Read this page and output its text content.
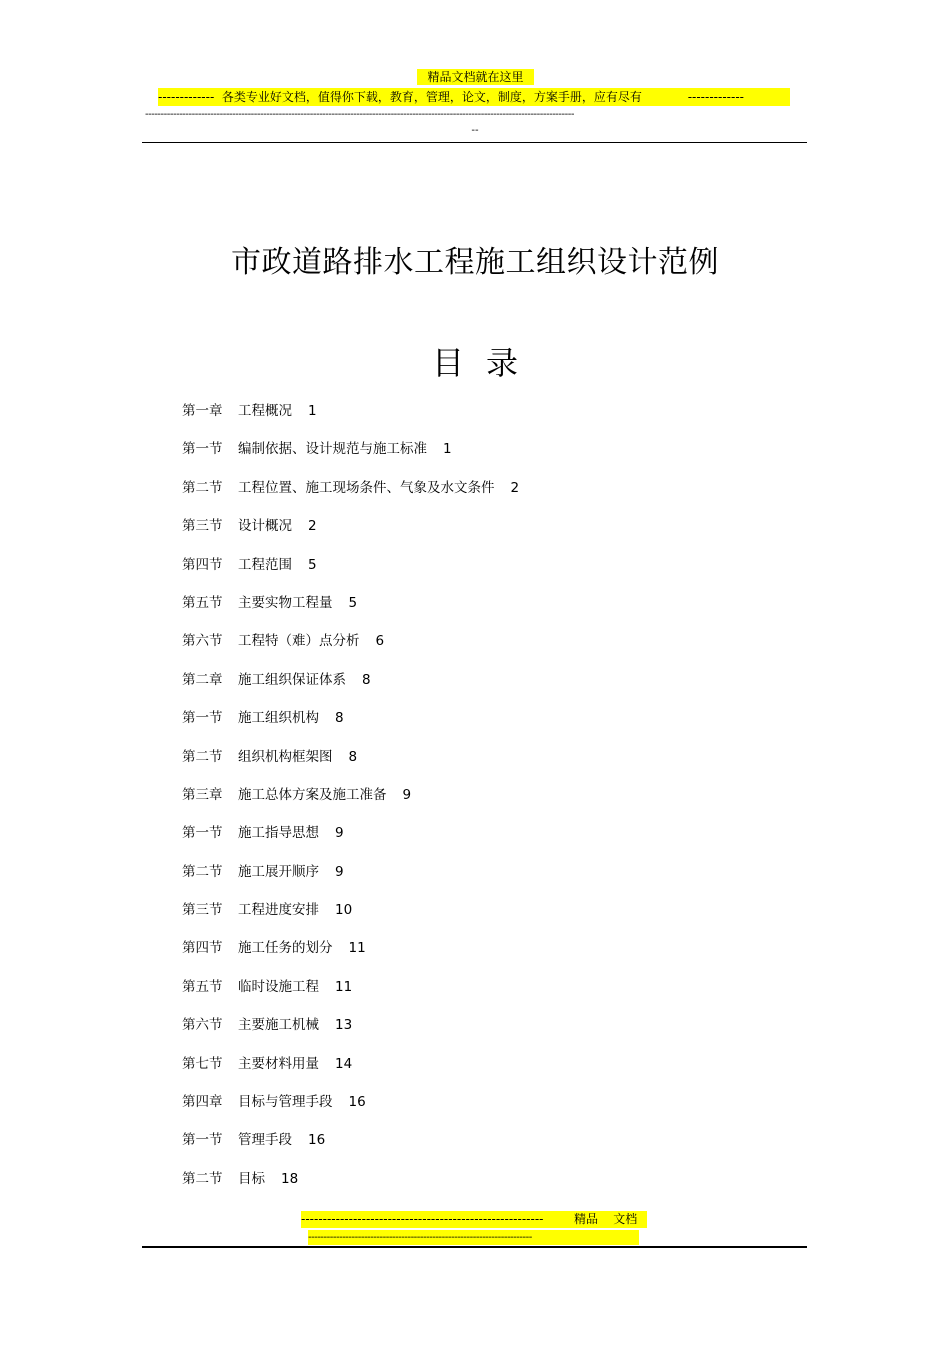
精品文档就在这里
-------------  各类专业好文档，值得你下载，教育，管理，论文，制度，方案手册，应有尽有            -------------
------------------------------------------------------------------------------------------------------------------------------------------
--
市政道路排水工程施工组织设计范例
目录
第一章 工程概况 1
第一节 编制依据、设计规范与施工标准 1
第二节 工程位置、施工现场条件、气象及水文条件 2
第三节 设计概况 2
第四节 工程范围 5
第五节 主要实物工程量 5
第六节 工程特（难）点分析 6
第二章 施工组织保证体系 8
第一节 施工组织机构 8
第二节 组织机构框架图 8
第三章 施工总体方案及施工准备 9
第一节 施工指导思想 9
第二节 施工展开顺序 9
第三节 工程进度安排 10
第四节 施工任务的划分 11
第五节 临时设施工程 11
第六节 主要施工机械 13
第七节 主要材料用量 14
第四章 目标与管理手段 16
第一节 管理手段 16
第二节 目标 18
--------------------------------------------------------        精品    文档
------------------------------------------------------------------------
